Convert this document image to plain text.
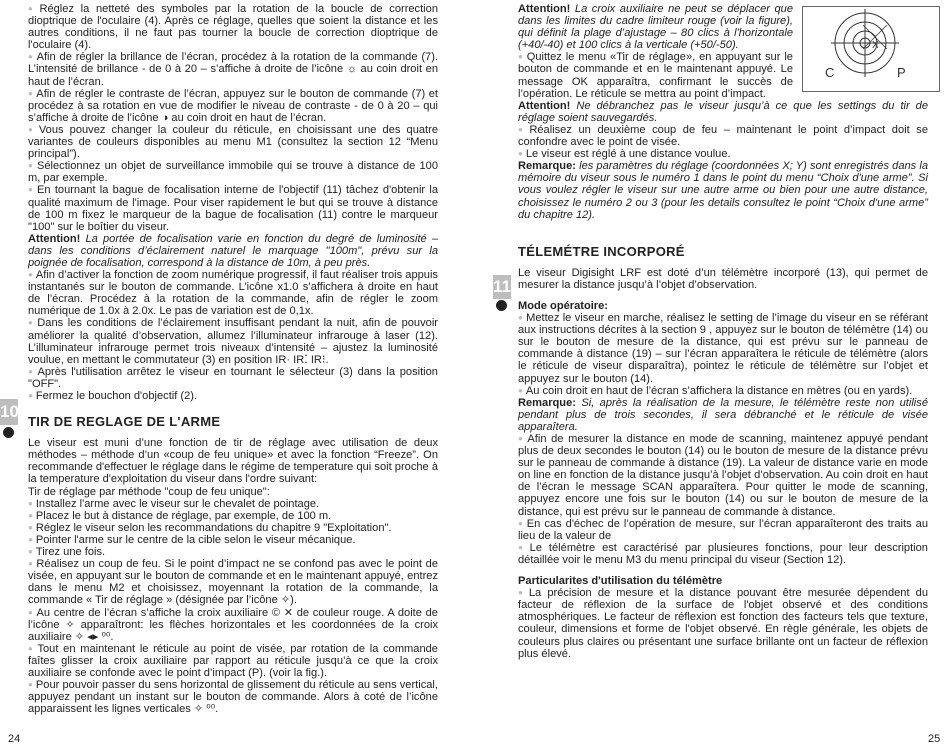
● Réglez la netteté des symboles par la rotation de la boucle de correction dioptrique de l'oculaire (4). Après ce réglage, quelles que soient la distance et les autres conditions, il ne faut pas tourner la boucle de correction dioptrique de l'oculaire (4).

● Afin de régler la brillance de l’écran, procédez à la rotation de la commande (7). L’intensité de brillance - de 0 à 20 – s’affiche à droite de l’icône ☼ au coin droit en haut de l’écran.

● Afin de régler le contraste de l’écran, appuyez sur le bouton de commande (7) et procédez à sa rotation en vue de modifier le niveau de contraste - de 0 à 20 – qui s’affiche à droite de l’icône ◑ au coin droit en haut de l’écran.

● Vous pouvez changer la couleur du réticule, en choisissant une des quatre variantes de couleurs disponibles au menu M1 (consultez la section 12 “Menu principal”).

● Sélectionnez un objet de surveillance immobile qui se trouve à distance de 100 m, par exemple.

● En tournant la bague de focalisation interne de l'objectif (11) tâchez d'obtenir la qualité maximum de l'image. Pour viser rapidement le but qui se trouve à distance de 100 m fixez le marqueur de la bague de focalisation (11) contre le marqueur "100" sur le boîtier du viseur.

Attention! La portée de focalisation varie en fonction du degré de luminosité – dans les conditions d’éclairement naturel le marquage "100m", prévu sur la poignée de focalisation, correspond à la distance de 10m, à peu près.

● Afin d’activer la fonction de zoom numérique progressif, il faut réaliser trois appuis instantanés sur le bouton de commande. L’icône x1.0 s’affichera à droite en haut de l’écran. Procédez à la rotation de la commande, afin de régler le zoom numérique de 1.0x à 2.0x. Le pas de variation est de 0,1x.

● Dans les conditions de l’éclairement insuffisant pendant la nuit, afin de pouvoir améliorer la qualité d’observation, allumez l’illuminateur infrarouge à laser (12). L’illuminateur infrarouge permet trois niveaux d’intensité – ajustez la luminosité voulue, en mettant le commutateur (3) en position IR· IR⁚ IR⁝.

● Après l'utilisation arrêtez le viseur en tournant le sélecteur (3) dans la position "OFF".

● Fermez le bouchon d'objectif (2).

TIR DE REGLAGE DE L'ARME

Le viseur est muni d’une fonction de tir de réglage avec utilisation de deux méthodes – méthode d’un «coup de feu unique» et avec la fonction “Freeze”. On recommande d'effectuer le réglage dans le régime de temperature qui soit proche à la temperature d'exploitation du viseur dans l'ordre suivant:

Tir de réglage par méthode "coup de feu unique":

● Installez l'arme avec le viseur sur le chevalet de pointage.

● Placez le but à distance de réglage, par exemple, de 100 m.

● Réglez le viseur selon les recommandations du chapitre 9 "Exploitation".

● Pointer l'arme sur le centre de la cible selon le viseur mécanique.

● Tirez une fois.

● Réalisez un coup de feu. Si le point d’impact ne se confond pas avec le point de visée, en appuyant sur le bouton de commande et en le maintenant appuyé, entrez dans le menu M2 et choisissez, moyennant la rotation de la commande, la commande « Tir de réglage » (désignée par l’icône ✧).

● Au centre de l’écran s’affiche la croix auxiliaire © ✕ de couleur rouge. A doite de l’icône ✧ apparaîtront: les flèches horizontales et les coordonnées de la croix auxiliaire ✧ ◂▸ ⁰⁰.

● Tout en maintenant le réticule au point de visée, par rotation de la commande faîtes glisser la croix auxiliaire par rapport au réticule jusqu’à ce que la croix auxiliaire se confonde avec le point d’impact (P). (voir la fig.).

● Pour pouvoir passer du sens horizontal de glissement du réticule au sens vertical, appuyez pendant un instant sur le bouton de commande. Alors à coté de l’icône apparaissent les lignes verticales ✧ ⁰⁰.

10
24

Attention! La croix auxiliaire ne peut se déplacer que dans les limites du cadre limiteur rouge (voir la figure), qui définit la plage d’ajustage – 80 clics à l'horizontale (+40/-40) et 100 clics à la verticale (+50/-50).

● Quittez le menu «Tir de réglage», en appuyant sur le bouton de commande et en le maintenant appuyé. Le message OK apparaîtra, confirmant le succès de l’opération. Le réticule se mettra au point d’impact.

Attention! Ne débranchez pas le viseur jusqu’à ce que les settings du tir de réglage soient sauvegardés.

● Réalisez un deuxième coup de feu – maintenant le point d’impact doit se confondre avec le point de visée.

● Le viseur est réglé à une distance voulue.

Remarque: les paramètres du réglage (coordonnées X; Y) sont enregistrés dans la mémoire du viseur sous le numéro 1 dans le point du menu “Choix d'une arme”. Si vous voulez régler le viseur sur une autre arme ou bien pour une autre distance, choisissez le numéro 2 ou 3 (pour les details consultez le point “Choix d'une arme” du chapitre 12).

TÉLEMÉTRE INCORPORÉ

Le viseur Digisight LRF est doté d’un télémètre incorporé (13), qui permet de mesurer la distance jusqu’à l’objet d’observation.

Mode opératoire:

● Mettez le viseur en marche, réalisez le setting de l’image du viseur en se référant aux instructions décrites à la section 9 , appuyez sur le bouton de télémètre (14) ou sur le bouton de mesure de la distance, qui est prévu sur le panneau de commande à distance (19) – sur l’écran apparaîtera le réticule de télémètre (alors le réticule de viseur disparaîtra), pointez le réticule de télémètre sur l’objet et appuyez sur le bouton (14).

● Au coin droit en haut de l’écran s’affichera la distance en mètres (ou en yards).

Remarque: Si, après la réalisation de la mesure, le télémètre reste non utilisé pendant plus de trois secondes, il sera débranché et le réticule de visée apparaîtera.

● Afin de mesurer la distance en mode de scanning, maintenez appuyé pendant plus de deux secondes le bouton (14) ou le bouton de mesure de la distance prévu sur le panneau de commande à distance (19). La valeur de distance varie en mode on line en fonction de la distance jusqu’à l’objet d’observation. Au coin droit en haut de l’écran le message SCAN apparaîtera. Pour quitter le mode de scanning, appuyez encore une fois sur le bouton (14) ou sur le bouton de mesure de la distance, qui est prévu sur le panneau de commande à distance.

● En cas d'échec de l’opération de mesure, sur l’écran apparaîteront des traits au lieu de la valeur de

● Le télémètre est caractérisé par plusieures fonctions, pour leur description détaillée voir le menu M3 du menu principal du viseur (Section 12).

Particularites d'utilisation du télémètre

● La précision de mesure et la distance pouvant être mesurée dépendent du facteur de réflexion de la surface de l'objet observé et des conditions atmosphériques. Le facteur de réflexion est fonction des facteurs tels que texture, couleur, dimensions et forme de l'objet observé. En règle générale, les objets de couleurs plus claires ou présentant une surface brillante ont un facteur de réflexion plus élevé.

X
C	P
11
25
